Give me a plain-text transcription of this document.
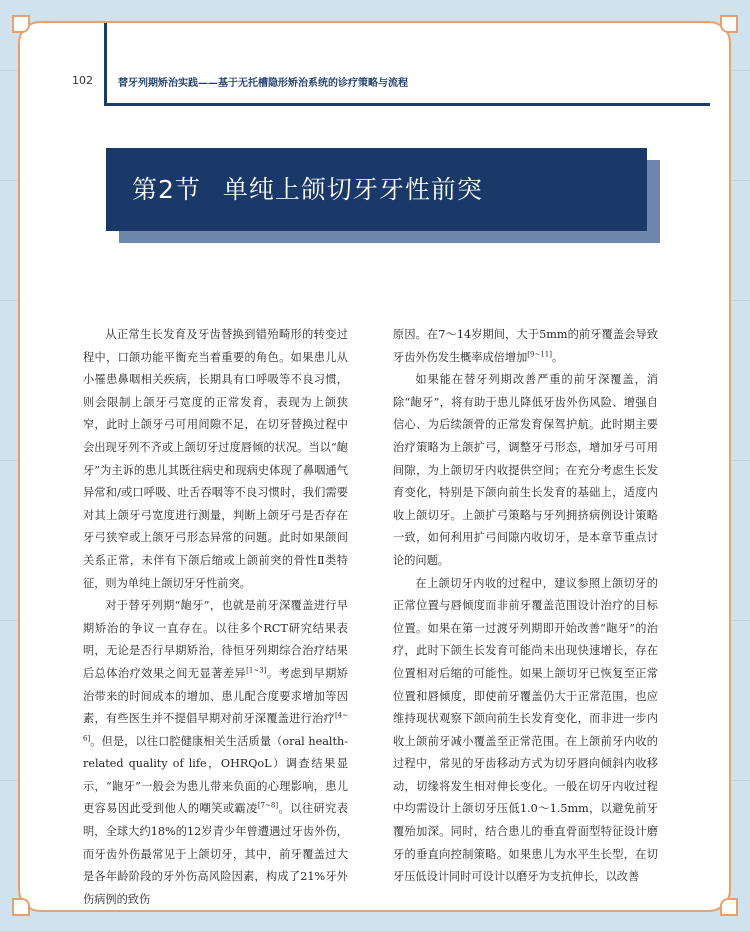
102	替牙列期矫治实践——基于无托槽隐形矫治系统的诊疗策略与流程
第2节 单纯上颌切牙牙性前突

从正常生长发育及牙齿替换到错殆畸形的转变过程中，口颌功能平衡充当着重要的角色。如果患儿从小罹患鼻咽相关疾病，长期具有口呼吸等不良习惯，则会限制上颌牙弓宽度的正常发育，表现为上颌狭窄，此时上颌牙弓可用间隙不足，在切牙替换过程中会出现牙列不齐或上颌切牙过度唇倾的状况。当以“龅牙”为主诉的患儿其既往病史和现病史体现了鼻咽通气异常和/或口呼吸、吐舌吞咽等不良习惯时，我们需要对其上颌牙弓宽度进行测量，判断上颌牙弓是否存在牙弓狭窄或上颌牙弓形态异常的问题。此时如果颌间关系正常，未伴有下颌后缩或上颌前突的骨性Ⅱ类特征，则为单纯上颌切牙牙性前突。

对于替牙列期“龅牙”，也就是前牙深覆盖进行早期矫治的争议一直存在。以往多个RCT研究结果表明，无论是否行早期矫治，待恒牙列期综合治疗结果后总体治疗效果之间无显著差异[1~3]。考虑到早期矫治带来的时间成本的增加、患儿配合度要求增加等因素，有些医生并不提倡早期对前牙深覆盖进行治疗[4~6]。但是，以往口腔健康相关生活质量（oral health-related quality of life，OHRQoL）调查结果显示，“龅牙”一般会为患儿带来负面的心理影响，患儿更容易因此受到他人的嘲笑或霸凌[7~8]。以往研究表明，全球大约18%的12岁青少年曾遭遇过牙齿外伤，而牙齿外伤最常见于上颌切牙，其中，前牙覆盖过大是各年龄阶段的牙外伤高风险因素，构成了21%牙外伤病例的致伤

原因。在7～14岁期间，大于5mm的前牙覆盖会导致牙齿外伤发生概率成倍增加[9~11]。

如果能在替牙列期改善严重的前牙深覆盖，消除“龅牙”，将有助于患儿降低牙齿外伤风险、增强自信心、为后续颌骨的正常发育保驾护航。此时期主要治疗策略为上颌扩弓，调整牙弓形态，增加牙弓可用间隙，为上颌切牙内收提供空间；在充分考虑生长发育变化，特别是下颌向前生长发育的基础上，适度内收上颌切牙。上颌扩弓策略与牙列拥挤病例设计策略一致，如何利用扩弓间隙内收切牙，是本章节重点讨论的问题。

在上颌切牙内收的过程中，建议参照上颌切牙的正常位置与唇倾度而非前牙覆盖范围设计治疗的目标位置。如果在第一过渡牙列期即开始改善“龅牙”的治疗，此时下颌生长发育可能尚未出现快速增长，存在位置相对后缩的可能性。如果上颌切牙已恢复至正常位置和唇倾度，即使前牙覆盖仍大于正常范围，也应维持现状观察下颌向前生长发育变化，而非进一步内收上颌前牙减小覆盖至正常范围。在上颌前牙内收的过程中，常见的牙齿移动方式为切牙唇向倾斜内收移动，切缘将发生相对伸长变化。一般在切牙内收过程中均需设计上颌切牙压低1.0～1.5mm，以避免前牙覆殆加深。同时，结合患儿的垂直骨面型特征设计磨牙的垂直向控制策略。如果患儿为水平生长型，在切牙压低设计同时可设计以磨牙为支抗伸长，以改善
